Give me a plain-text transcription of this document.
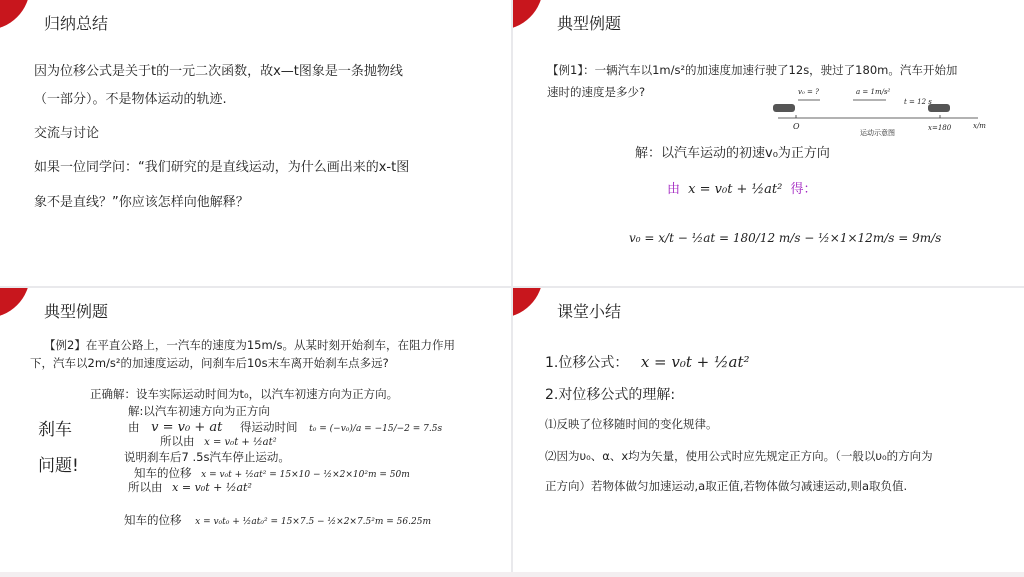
归纳总结
因为位移公式是关于t的一元二次函数，故x—t图象是一条抛物线
（一部分）。不是物体运动的轨迹.
交流与讨论
如果一位同学问：“我们研究的是直线运动，为什么画出来的x-t图
象不是直线？”你应该怎样向他解释？
典型例题
【例1】：一辆汽车以1m/s²的加速度加速行驶了12s，驶过了180m。汽车开始加
速时的速度是多少?	v₀ = ?	a = 1m/s²
t = 12 s
O	x=180	x/m
运动示意图
解：以汽车运动的初速v₀为正方向
由 x = v₀t + ½at² 得：
v₀ = x/t − ½at = 180/12 m/s − ½×1×12m/s = 9m/s
典型例题
【例2】在平直公路上，一汽车的速度为15m/s。从某时刻开始刹车，在阻力作用
下，汽车以2m/s²的加速度运动，问刹车后10s末车离开始刹车点多远?
刹车
问题!
正确解：设车实际运动时间为t₀，以汽车初速方向为正方向。
解:以汽车初速方向为正方向
由 v = v₀ + at 得运动时间 t₀ = (−v₀)/a = −15/−2 = 7.5s
所以由 x = v₀t + ½at²
说明刹车后7 .5s汽车停止运动。
知车的位移 x = v₀t + ½at² = 15×10 − ½×2×10²m = 50m
所以由 x = v₀t + ½at²
知车的位移 x = v₀t₀ + ½at₀² = 15×7.5 − ½×2×7.5²m = 56.25m
课堂小结
1.位移公式： x = v₀t + ½at²
2.对位移公式的理解:
⑴反映了位移随时间的变化规律。
⑵因为υ₀、α、x均为矢量，使用公式时应先规定正方向。（一般以υ₀的方向为
正方向）若物体做匀加速运动,a取正值,若物体做匀减速运动,则a取负值.
